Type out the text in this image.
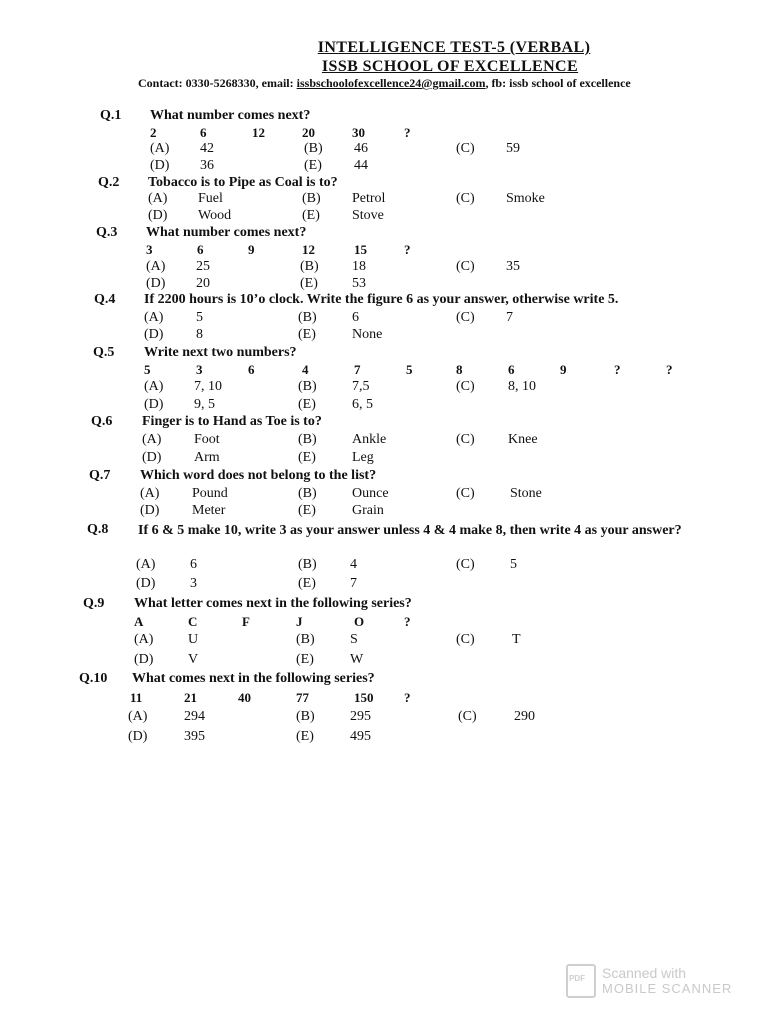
INTELLIGENCE TEST-5 (VERBAL)
ISSB SCHOOL OF EXCELLENCE
Contact: 0330-5268330, email: issbschoolofexcellence24@gmail.com, fb: issb school of excellence
Q.1 What number comes next?
2	6	12	20	30	?
(A) 42	(B) 46	(C) 59
(D) 36	(E) 44
Q.2 Tobacco is to Pipe as Coal is to?
(A) Fuel	(B) Petrol	(C) Smoke
(D) Wood	(E) Stove
Q.3 What number comes next?
3	6	9	12	15	?
(A) 25	(B) 18	(C) 35
(D) 20	(E) 53
Q.4 If 2200 hours is 10’o clock. Write the figure 6 as your answer, otherwise write 5.
(A) 5	(B)	6	(C) 7
(D) 8	(E)	None
Q.5 Write next two numbers?
5	3	6	4	7	5	8	6	9	?	?
(A) 7, 10	(B)	7,5	(C) 8, 10
(D) 9, 5	(E)	6, 5
Q.6 Finger is to Hand as Toe is to?
(A) Foot	(B)	Ankle	(C) Knee
(D) Arm	(E)	Leg
Q.7 Which word does not belong to the list?
(A) Pound	(B)	Ounce	(C)	Stone
(D) Meter	(E)	Grain
Q.8 If 6 & 5 make 10, write 3 as your answer unless 4 & 4 make 8, then write 4 as your answer?
(A) 6	(B) 4	(C)	5
(D) 3	(E) 7
Q.9 What letter comes next in the following series?
A	C	F	J	O	?
(A) U	(B)	S	(C)	T
(D) V	(E)	W
Q.10 What comes next in the following series?
11	21	40	77	150 ?
(A)	294	(B)	295	(C)	290
(D)	395	(E)	495
PDF
Scanned with
MOBILE SCANNER
